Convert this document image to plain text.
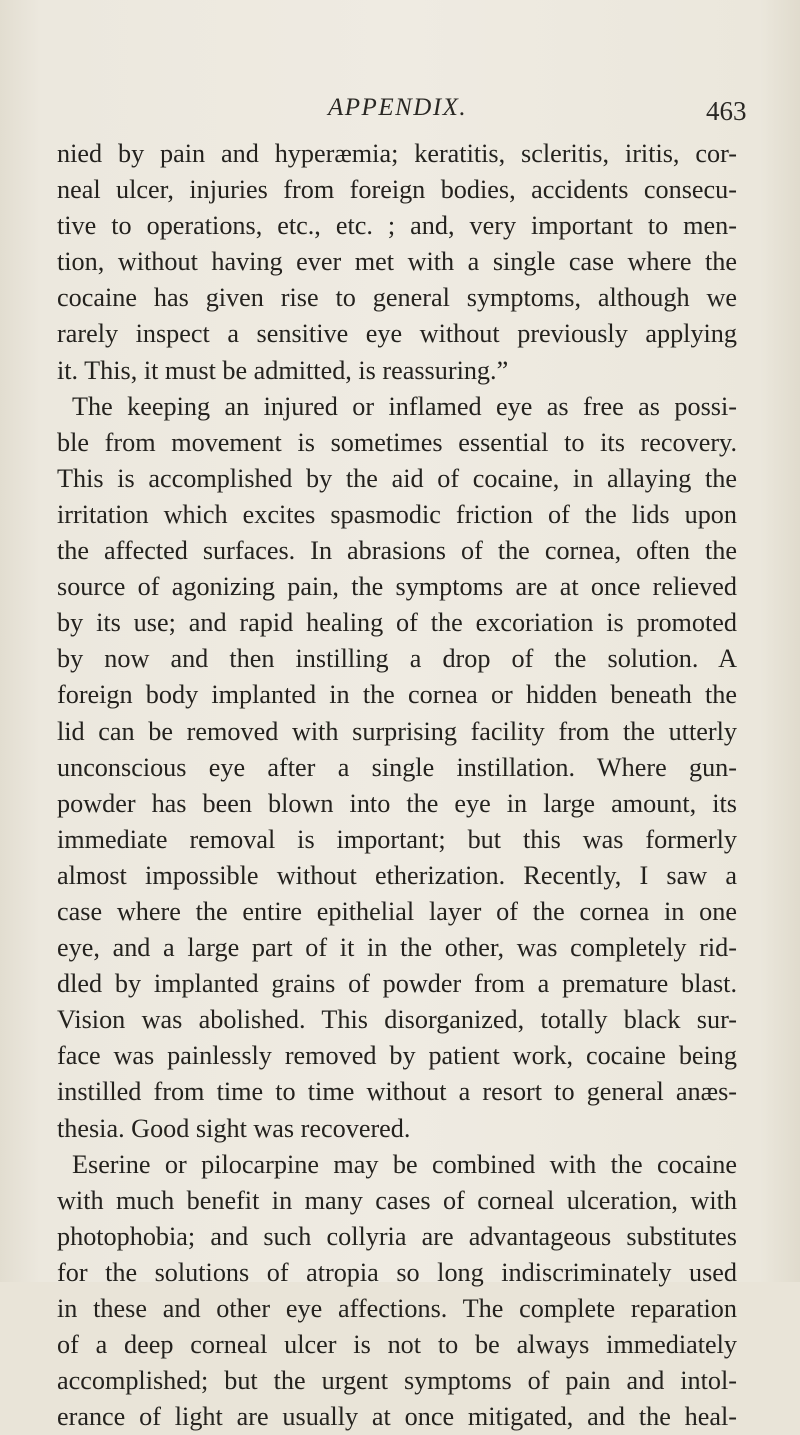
APPENDIX.	463
nied by pain and hyperæmia; keratitis, scleritis, iritis, cor-
neal ulcer, injuries from foreign bodies, accidents consecu-
tive to operations, etc., etc. ; and, very important to men-
tion, without having ever met with a single case where the
cocaine has given rise to general symptoms, although we
rarely inspect a sensitive eye without previously applying
it. This, it must be admitted, is reassuring.”
The keeping an injured or inflamed eye as free as possi-
ble from movement is sometimes essential to its recovery.
This is accomplished by the aid of cocaine, in allaying the
irritation which excites spasmodic friction of the lids upon
the affected surfaces. In abrasions of the cornea, often the
source of agonizing pain, the symptoms are at once relieved
by its use; and rapid healing of the excoriation is promoted
by now and then instilling a drop of the solution. A
foreign body implanted in the cornea or hidden beneath the
lid can be removed with surprising facility from the utterly
unconscious eye after a single instillation. Where gun-
powder has been blown into the eye in large amount, its
immediate removal is important; but this was formerly
almost impossible without etherization. Recently, I saw a
case where the entire epithelial layer of the cornea in one
eye, and a large part of it in the other, was completely rid-
dled by implanted grains of powder from a premature blast.
Vision was abolished. This disorganized, totally black sur-
face was painlessly removed by patient work, cocaine being
instilled from time to time without a resort to general anæs-
thesia. Good sight was recovered.
Eserine or pilocarpine may be combined with the cocaine
with much benefit in many cases of corneal ulceration, with
photophobia; and such collyria are advantageous substitutes
for the solutions of atropia so long indiscriminately used
in these and other eye affections. The complete reparation
of a deep corneal ulcer is not to be always immediately
accomplished; but the urgent symptoms of pain and intol-
erance of light are usually at once mitigated, and the heal-
